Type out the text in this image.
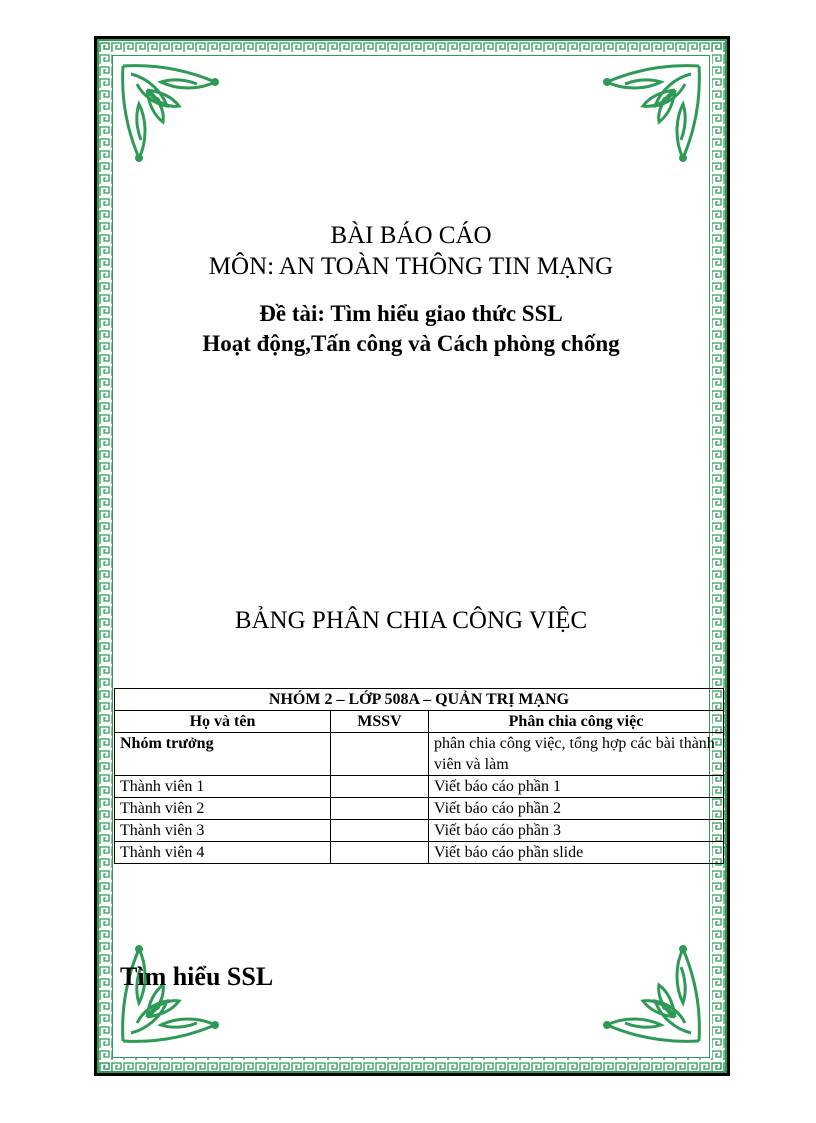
BÀI BÁO CÁO
MÔN: AN TOÀN THÔNG TIN MẠNG
Đề tài: Tìm hiểu giao thức SSL
Hoạt động,Tấn công và Cách phòng chống
BẢNG PHÂN CHIA CÔNG VIỆC
NHÓM 2 – LỚP 508A – QUẢN TRỊ MẠNG		
Họ và tên	MSSV	Phân chia công việc
Nhóm trưởng		phân chia công việc, tổng hợp các bài thành viên và làm
Thành viên 1		Viết báo cáo phần 1
Thành viên 2		Viết báo cáo phần 2
Thành viên 3		Viết báo cáo phần 3
Thành viên 4		Viết báo cáo phần slide
Tìm hiểu SSL
